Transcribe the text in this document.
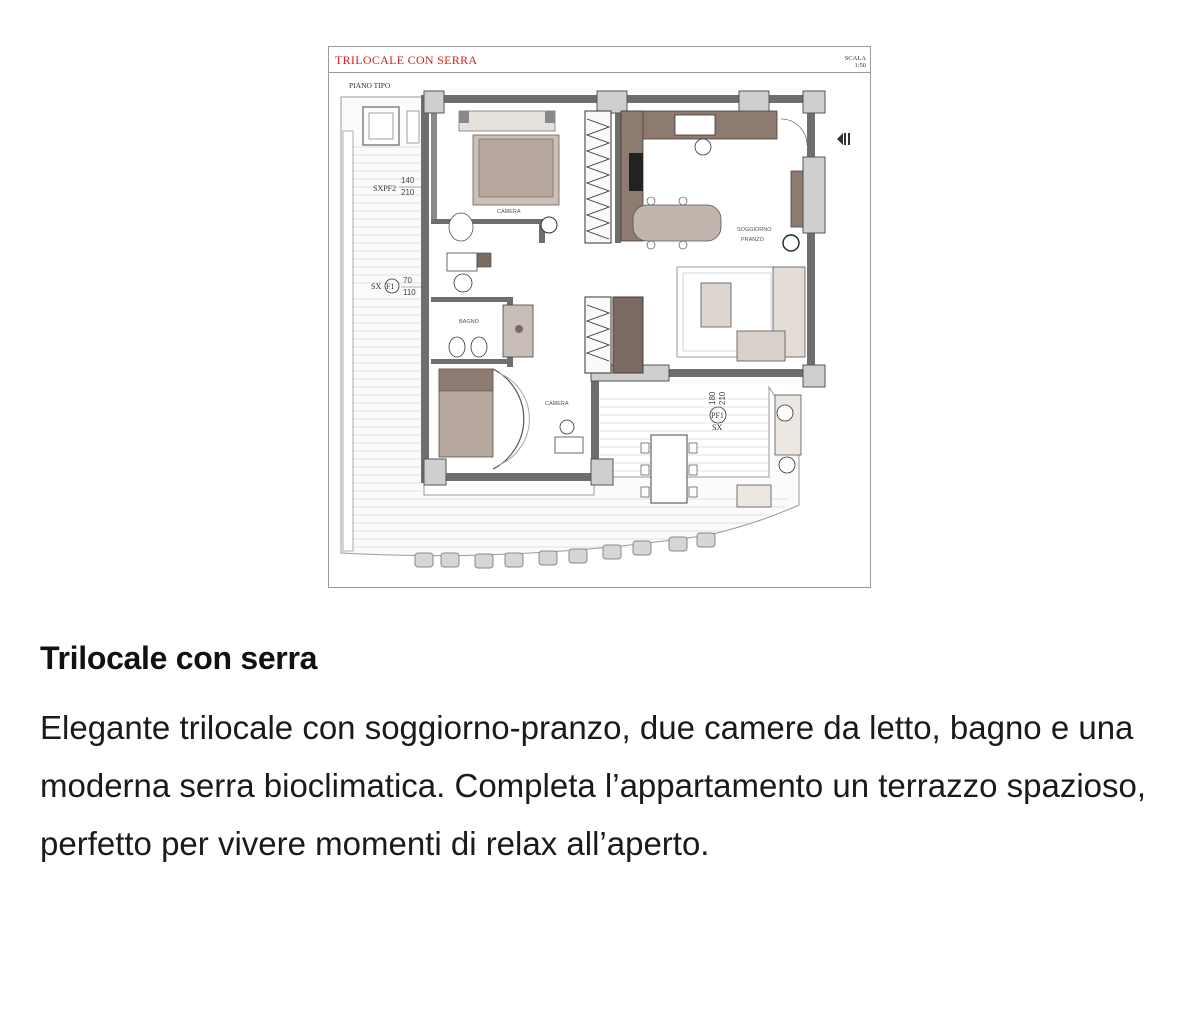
TRILOCALE CON SERRA	SCALA
1:50
PIANO TIPO
CAMERA
CAMERA
BAGNO
SOGGIORNO
PRANZO
SXPF2
140
210
SX F1
70
110
PF1
SX
180 210
Trilocale con serra

Elegante trilocale con soggiorno-pranzo, due camere da letto, bagno e una moderna serra bioclimatica. Completa l’appartamento un terrazzo spazioso, perfetto per vivere momenti di relax all’aperto.
